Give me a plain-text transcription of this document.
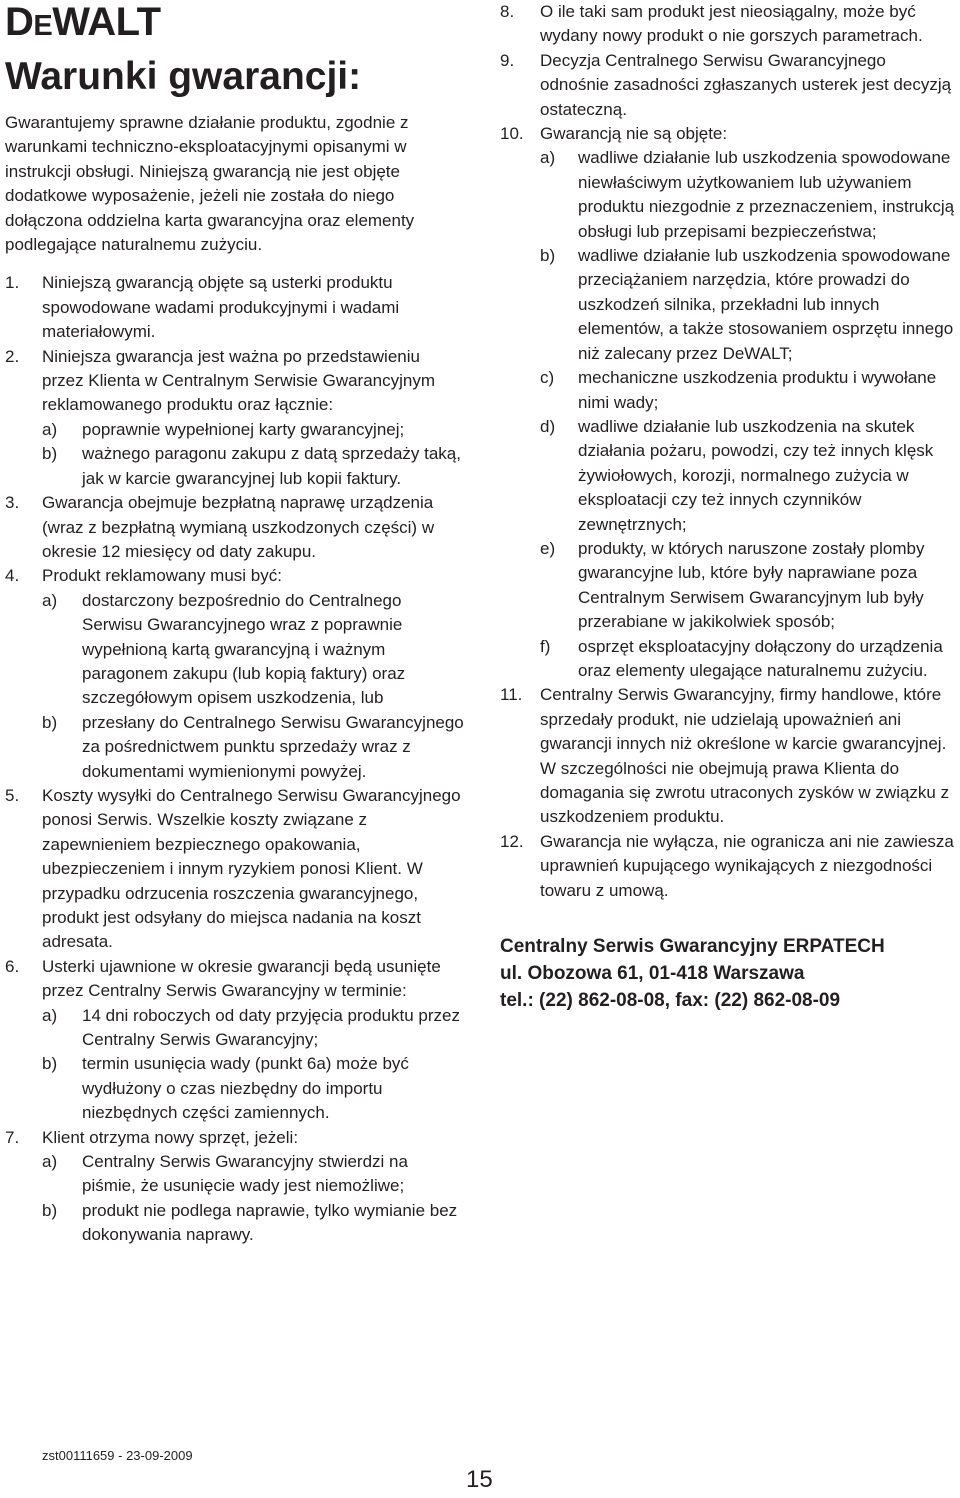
DEWALT
Warunki gwarancji:

Gwarantujemy sprawne działanie produktu, zgodnie z warunkami techniczno-eksploatacyjnymi opisanymi w instrukcji obsługi. Niniejszą gwarancją nie jest objęte dodatkowe wyposażenie, jeżeli nie została do niego dołączona oddzielna karta gwarancyjna oraz elementy podlegające naturalnemu zużyciu.

1. Niniejszą gwarancją objęte są usterki produktu spowodowane wadami produkcyjnymi i wadami materiałowymi.
2. Niniejsza gwarancja jest ważna po przedstawieniu przez Klienta w Centralnym Serwisie Gwarancyjnym reklamowanego produktu oraz łącznie:
a) poprawnie wypełnionej karty gwarancyjnej;
b) ważnego paragonu zakupu z datą sprzedaży taką, jak w karcie gwarancyjnej lub kopii faktury.
3. Gwarancja obejmuje bezpłatną naprawę urządzenia (wraz z bezpłatną wymianą uszkodzonych części) w okresie 12 miesięcy od daty zakupu.
4. Produkt reklamowany musi być:
a) dostarczony bezpośrednio do Centralnego Serwisu Gwarancyjnego wraz z poprawnie wypełnioną kartą gwarancyjną i ważnym paragonem zakupu (lub kopią faktury) oraz szczegółowym opisem uszkodzenia, lub
b) przesłany do Centralnego Serwisu Gwarancyjnego za pośrednictwem punktu sprzedaży wraz z dokumentami wymienionymi powyżej.
5. Koszty wysyłki do Centralnego Serwisu Gwarancyjnego ponosi Serwis. Wszelkie koszty związane z zapewnieniem bezpiecznego opakowania, ubezpieczeniem i innym ryzykiem ponosi Klient. W przypadku odrzucenia roszczenia gwarancyjnego, produkt jest odsyłany do miejsca nadania na koszt adresata.
6. Usterki ujawnione w okresie gwarancji będą usunięte przez Centralny Serwis Gwarancyjny w terminie:
a) 14 dni roboczych od daty przyjęcia produktu przez Centralny Serwis Gwarancyjny;
b) termin usunięcia wady (punkt 6a) może być wydłużony o czas niezbędny do importu niezbędnych części zamiennych.
7. Klient otrzyma nowy sprzęt, jeżeli:
a) Centralny Serwis Gwarancyjny stwierdzi na piśmie, że usunięcie wady jest niemożliwe;
b) produkt nie podlega naprawie, tylko wymianie bez dokonywania naprawy.
8. O ile taki sam produkt jest nieosiągalny, może być wydany nowy produkt o nie gorszych parametrach.
9. Decyzja Centralnego Serwisu Gwarancyjnego odnośnie zasadności zgłaszanych usterek jest decyzją ostateczną.
10. Gwarancją nie są objęte:
a) wadliwe działanie lub uszkodzenia spowodowane niewłaściwym użytkowaniem lub używaniem produktu niezgodnie z przeznaczeniem, instrukcją obsługi lub przepisami bezpieczeństwa;
b) wadliwe działanie lub uszkodzenia spowodowane przeciążaniem narzędzia, które prowadzi do uszkodzeń silnika, przekładni lub innych elementów, a także stosowaniem osprzętu innego niż zalecany przez DeWALT;
c) mechaniczne uszkodzenia produktu i wywołane nimi wady;
d) wadliwe działanie lub uszkodzenia na skutek działania pożaru, powodzi, czy też innych klęsk żywiołowych, korozji, normalnego zużycia w eksploatacji czy też innych czynników zewnętrznych;
e) produkty, w których naruszone zostały plomby gwarancyjne lub, które były naprawiane poza Centralnym Serwisem Gwarancyjnym lub były przerabiane w jakikolwiek sposób;
f) osprzęt eksploatacyjny dołączony do urządzenia oraz elementy ulegające naturalnemu zużyciu.
11. Centralny Serwis Gwarancyjny, firmy handlowe, które sprzedały produkt, nie udzielają upoważnień ani gwarancji innych niż określone w karcie gwarancyjnej. W szczególności nie obejmują prawa Klienta do domagania się zwrotu utraconych zysków w związku z uszkodzeniem produktu.
12. Gwarancja nie wyłącza, nie ogranicza ani nie zawiesza uprawnień kupującego wynikających z niezgodności towaru z umową.
Centralny Serwis Gwarancyjny ERPATECH
ul. Obozowa 61, 01-418 Warszawa
tel.: (22) 862-08-08, fax: (22) 862-08-09
zst00111659 - 23-09-2009
15
